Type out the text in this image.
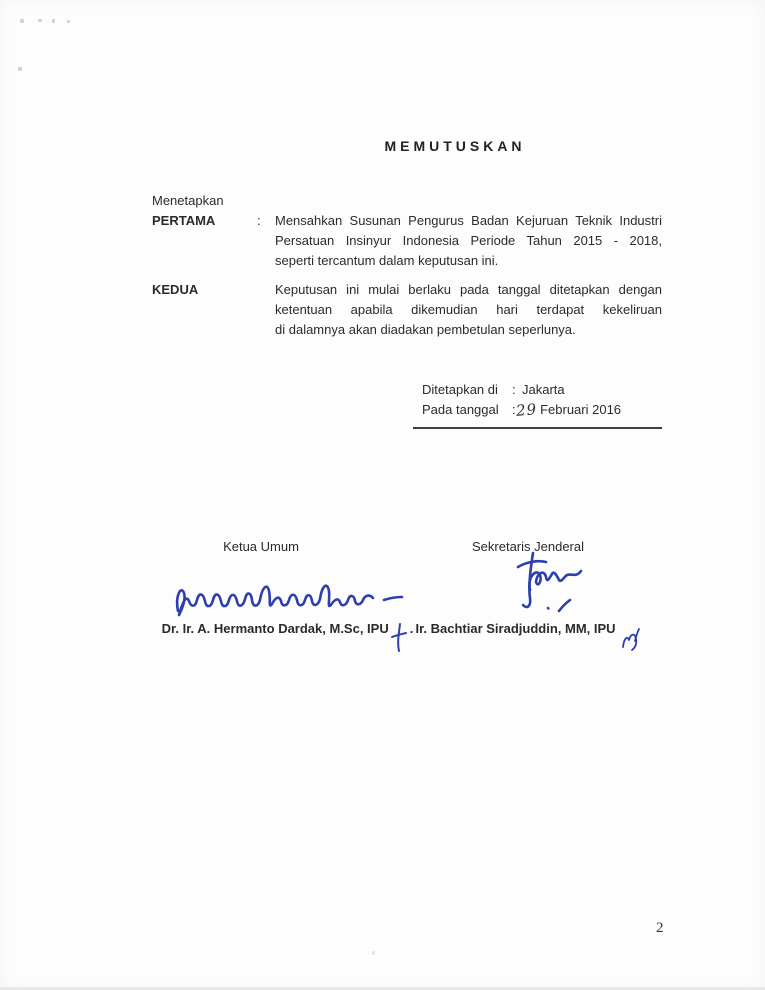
MEMUTUSKAN
Menetapkan
PERTAMA	: Mensahkan Susunan Pengurus Badan Kejuruan Teknik Industri
Persatuan Insinyur Indonesia Periode Tahun 2015 - 2018,
seperti tercantum dalam keputusan ini.
KEDUA	Keputusan ini mulai berlaku pada tanggal ditetapkan dengan
ketentuan apabila dikemudian hari terdapat kekeliruan
di dalamnya akan diadakan pembetulan seperlunya.
Ditetapkan di	: Jakarta
Pada tanggal	: 29 Februari 2016
Ketua Umum	Sekretaris Jenderal
Dr. Ir. A. Hermanto Dardak, M.Sc, IPU . Ir. Bachtiar Siradjuddin, MM, IPU
2
